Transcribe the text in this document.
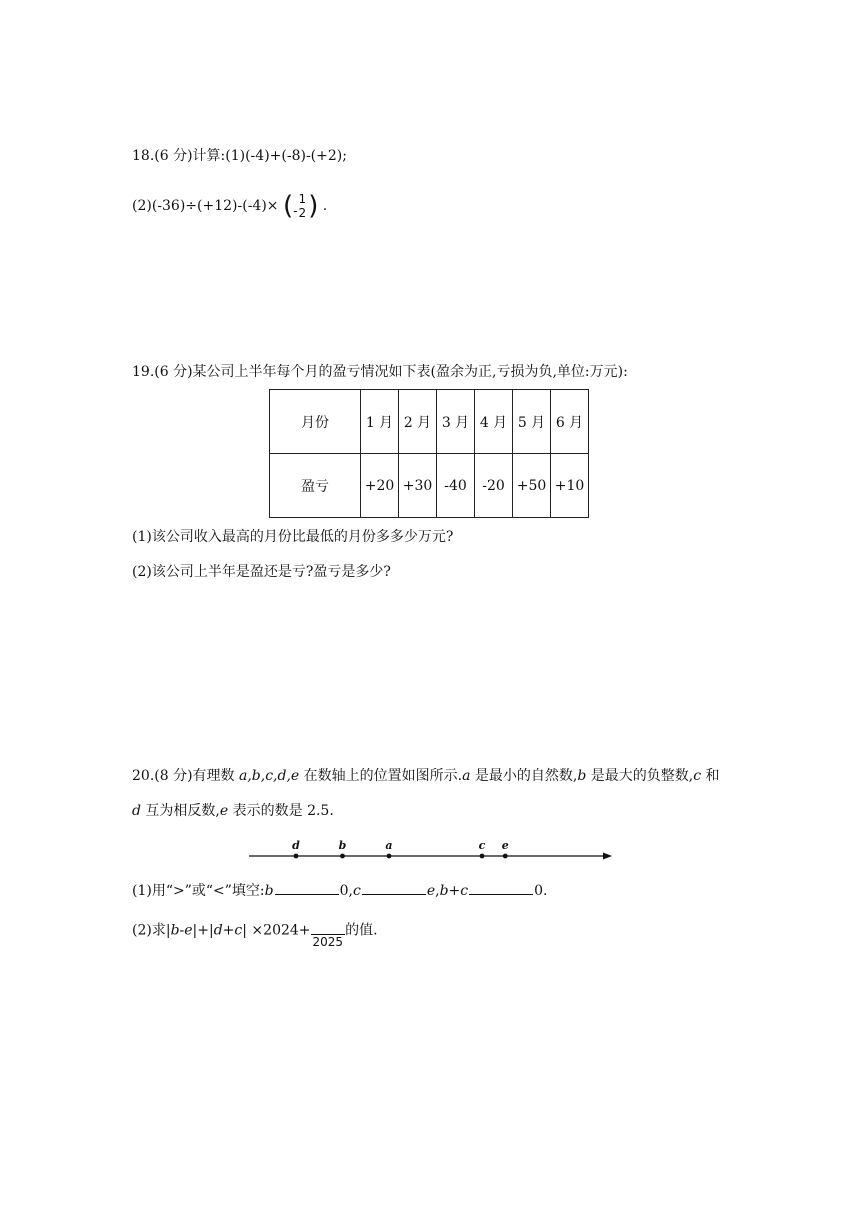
18.(6 分)计算:(1)(-4)+(-8)-(+2);
(2)(-36)÷(+12)-(-4)× ( -
1
2 ) .
19.(6 分)某公司上半年每个月的盈亏情况如下表(盈余为正,亏损为负,单位:万元):
月份	1 月	2 月	3 月	4 月	5 月	6 月
盈亏	+20	+30	-40	-20	+50	+10
(1)该公司收入最高的月份比最低的月份多多少万元?
(2)该公司上半年是盈还是亏?盈亏是多少?
20.(8 分)有理数 a,b,c,d,e 在数轴上的位置如图所示.a 是最小的自然数,b 是最大的负整数,c 和
d 互为相反数,e 表示的数是 2.5.
d	b	a	c e
(1)用“>”或“<”填空:b	0,c	e,b+c	0.
(2)求|b-e|+|d+c| ×2024+
2025
的值.
